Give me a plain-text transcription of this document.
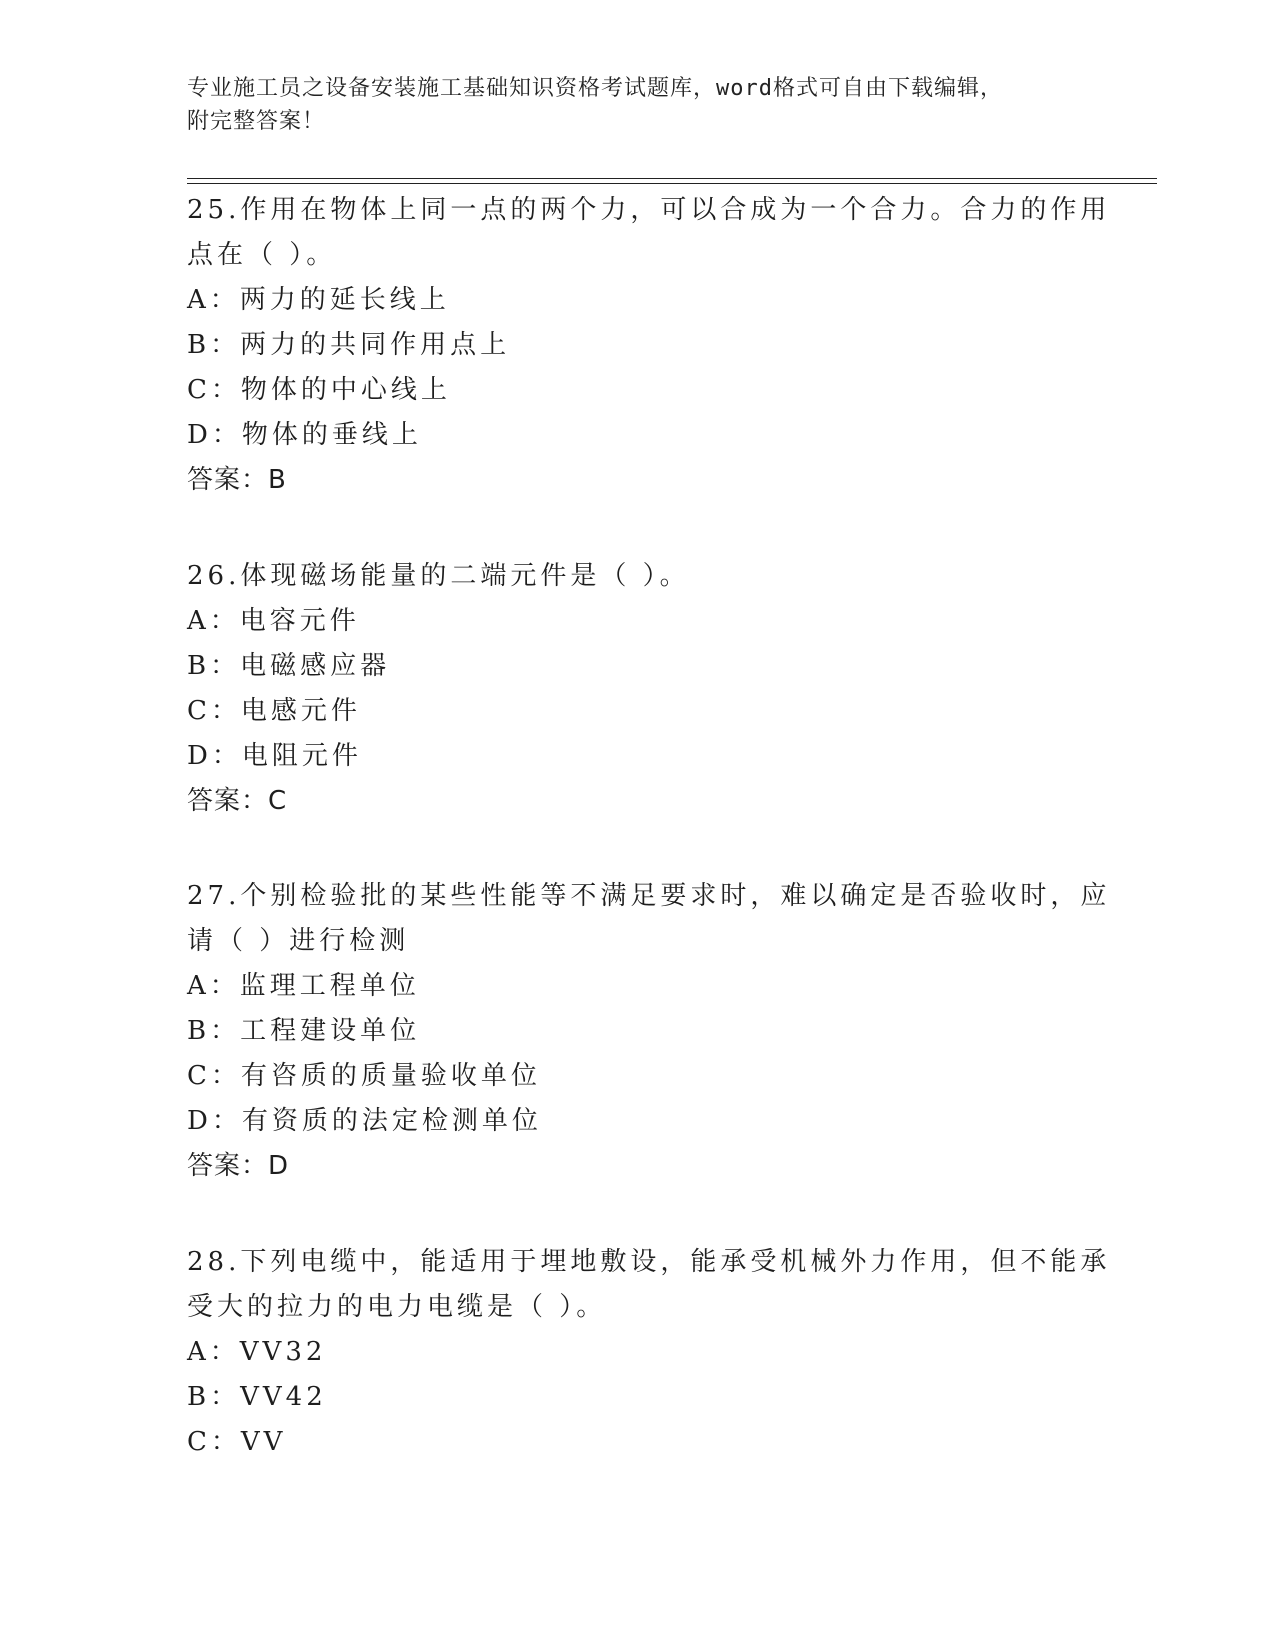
专业施工员之设备安装施工基础知识资格考试题库，word格式可自由下载编辑，
附完整答案！
25.作用在物体上同一点的两个力，可以合成为一个合力。合力的作用
点在（ ）。
A：两力的延长线上
B：两力的共同作用点上
C：物体的中心线上
D：物体的垂线上
答案：B
26.体现磁场能量的二端元件是（ ）。
A：电容元件
B：电磁感应器
C：电感元件
D：电阻元件
答案：C
27.个别检验批的某些性能等不满足要求时，难以确定是否验收时，应
请（ ）进行检测
A：监理工程单位
B：工程建设单位
C：有咨质的质量验收单位
D：有资质的法定检测单位
答案：D
28.下列电缆中，能适用于埋地敷设，能承受机械外力作用，但不能承
受大的拉力的电力电缆是（ ）。
A：VV32
B：VV42
C：VV
